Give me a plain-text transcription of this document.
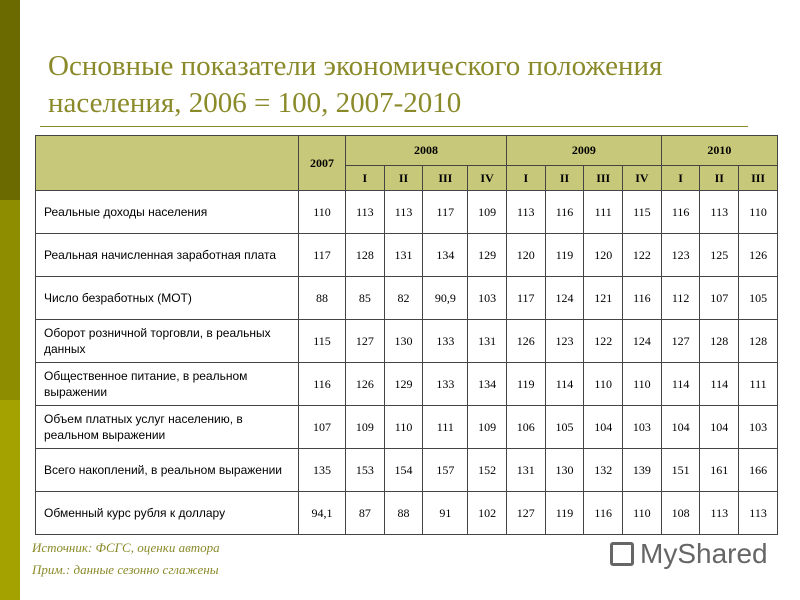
Основные показатели экономического положения населения, 2006 = 100, 2007-2010
	2007	2008				2009				2010		
		I	II	III	IV	I	II	III	IV	I	II	III
Реальные доходы населения	110	113	113	117	109	113	116	111	115	116	113	110
Реальная начисленная заработная плата	117	128	131	134	129	120	119	120	122	123	125	126
Число безработных (МОТ)	88	85	82	90,9	103	117	124	121	116	112	107	105
Оборот розничной торговли, в реальных данных	115	127	130	133	131	126	123	122	124	127	128	128
Общественное питание, в реальном выражении	116	126	129	133	134	119	114	110	110	114	114	111
Объем платных услуг населению, в реальном выражении	107	109	110	111	109	106	105	104	103	104	104	103
Всего накоплений, в реальном выражении	135	153	154	157	152	131	130	132	139	151	161	166
Обменный курс рубля к доллару	94,1	87	88	91	102	127	119	116	110	108	113	113
Источник: ФСГС, оценки автора
Прим.: данные сезонно сглажены
MyShared
